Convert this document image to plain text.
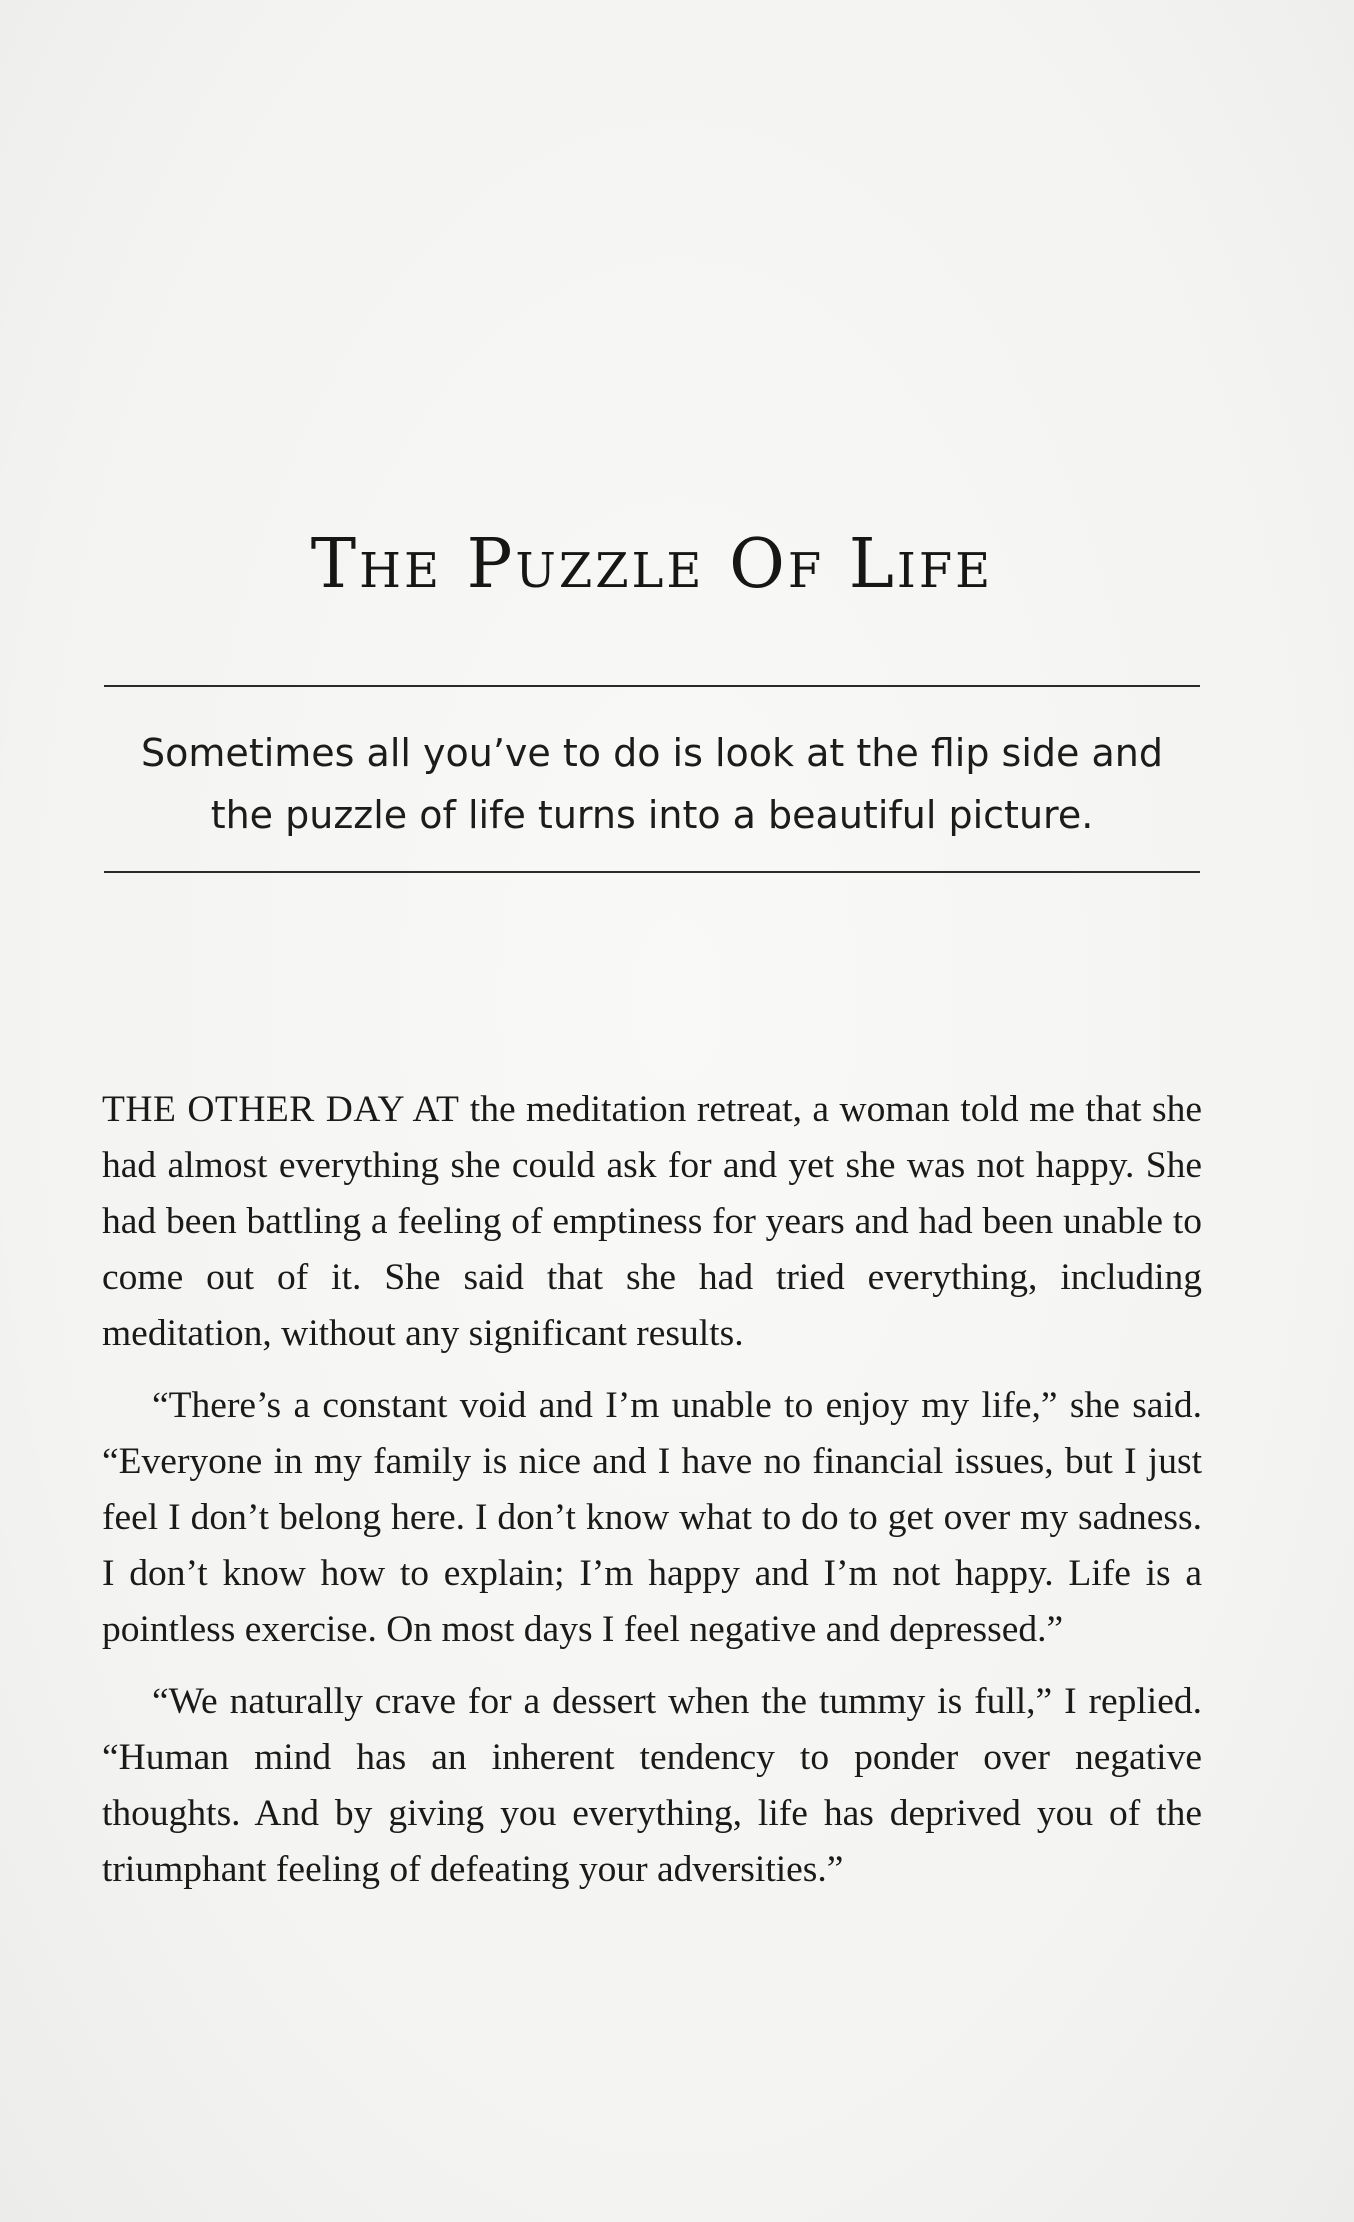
The Puzzle Of Life
Sometimes all you’ve to do is look at the flip side and the puzzle of life turns into a beautiful picture.

THE OTHER DAY AT the meditation retreat, a woman told me that she had almost everything she could ask for and yet she was not happy. She had been battling a feeling of emptiness for years and had been unable to come out of it. She said that she had tried everything, including meditation, without any significant results.

“There’s a constant void and I’m unable to enjoy my life,” she said. “Everyone in my family is nice and I have no financial issues, but I just feel I don’t belong here. I don’t know what to do to get over my sadness. I don’t know how to explain; I’m happy and I’m not happy. Life is a pointless exercise. On most days I feel negative and depressed.”

“We naturally crave for a dessert when the tummy is full,” I replied. “Human mind has an inherent tendency to ponder over negative thoughts. And by giving you everything, life has deprived you of the triumphant feeling of defeating your adversities.”
